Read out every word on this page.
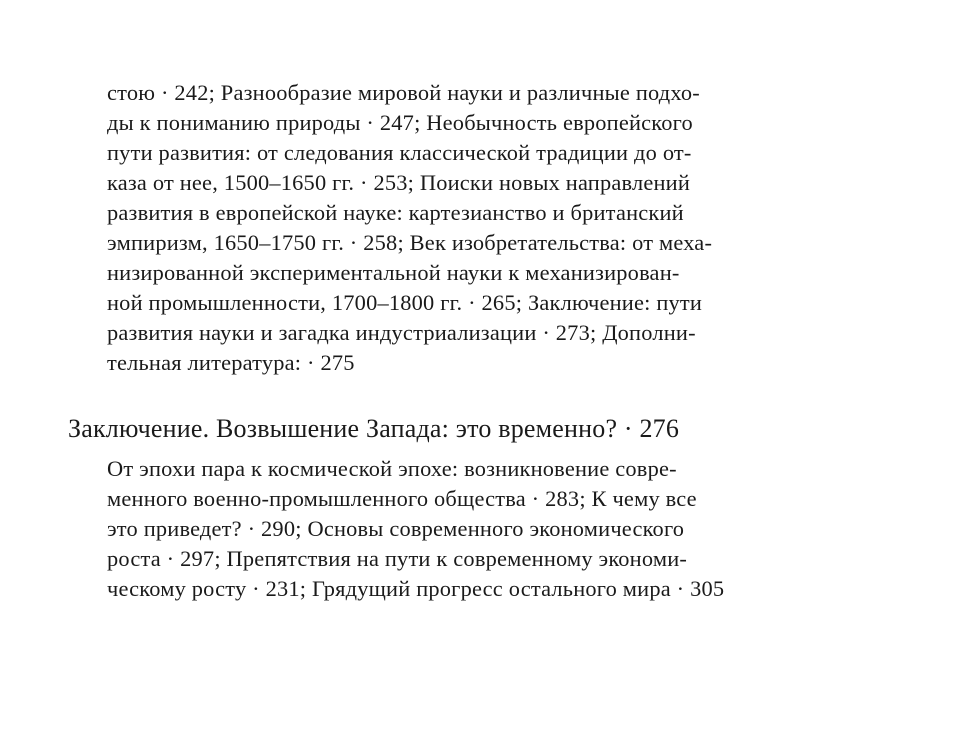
стою · 242; Разнообразие мировой науки и различные подхо-
ды к пониманию природы · 247; Необычность европейского
пути развития: от следования классической традиции до от-
каза от нее, 1500–1650 гг. · 253; Поиски новых направлений
развития в европейской науке: картезианство и британский
эмпиризм, 1650–1750 гг. · 258; Век изобретательства: от меха-
низированной экспериментальной науки к механизирован-
ной промышленности, 1700–1800 гг. · 265; Заключение: пути
развития науки и загадка индустриализации · 273; Дополни-
тельная литература: · 275
Заключение. Возвышение Запада: это временно? · 276
От эпохи пара к космической эпохе: возникновение совре-
менного военно-промышленного общества · 283; К чему все
это приведет? · 290; Основы современного экономического
роста · 297; Препятствия на пути к современному экономи-
ческому росту · 231; Грядущий прогресс остального мира · 305
